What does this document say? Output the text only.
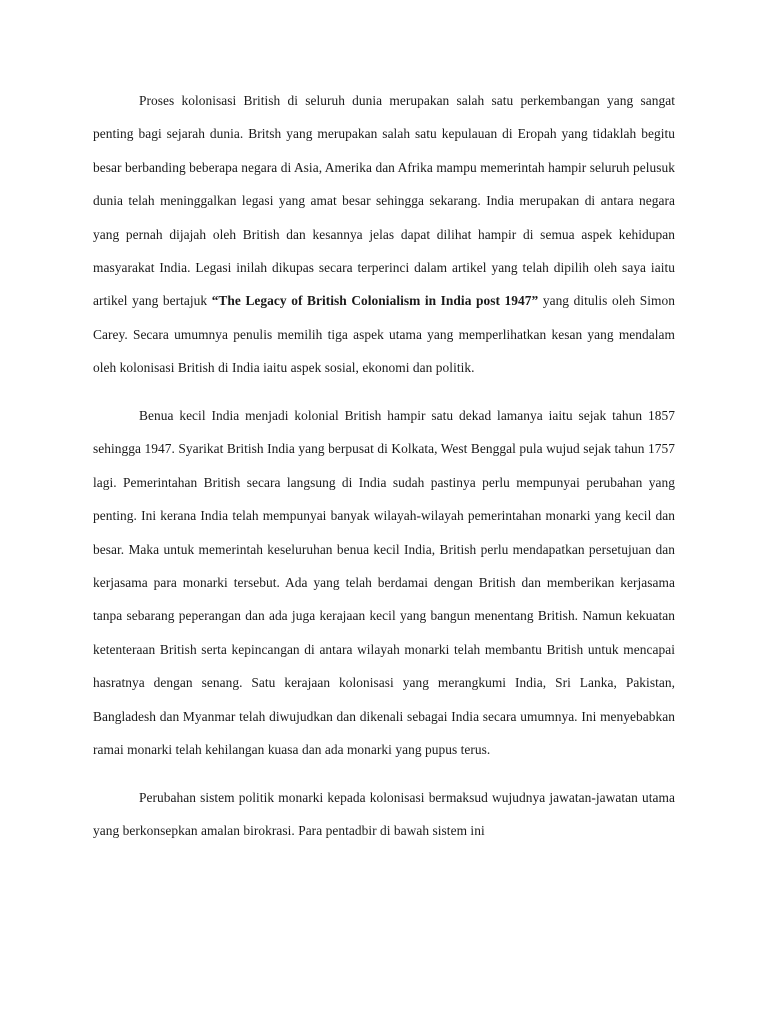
Proses kolonisasi British di seluruh dunia merupakan salah satu perkembangan yang sangat penting bagi sejarah dunia. Britsh yang merupakan salah satu kepulauan di Eropah yang tidaklah begitu besar berbanding beberapa negara di Asia, Amerika dan Afrika mampu memerintah hampir seluruh pelusuk dunia telah meninggalkan legasi yang amat besar sehingga sekarang. India merupakan di antara negara yang pernah dijajah oleh British dan kesannya jelas dapat dilihat hampir di semua aspek kehidupan masyarakat India. Legasi inilah dikupas secara terperinci dalam artikel yang telah dipilih oleh saya iaitu artikel yang bertajuk “The Legacy of British Colonialism in India post 1947” yang ditulis oleh Simon Carey. Secara umumnya penulis memilih tiga aspek utama yang memperlihatkan kesan yang mendalam oleh kolonisasi British di India iaitu aspek sosial, ekonomi dan politik.

Benua kecil India menjadi kolonial British hampir satu dekad lamanya iaitu sejak tahun 1857 sehingga 1947. Syarikat British India yang berpusat di Kolkata, West Benggal pula wujud sejak tahun 1757 lagi. Pemerintahan British secara langsung di India sudah pastinya perlu mempunyai perubahan yang penting. Ini kerana India telah mempunyai banyak wilayah-wilayah pemerintahan monarki yang kecil dan besar. Maka untuk memerintah keseluruhan benua kecil India, British perlu mendapatkan persetujuan dan kerjasama para monarki tersebut. Ada yang telah berdamai dengan British dan memberikan kerjasama tanpa sebarang peperangan dan ada juga kerajaan kecil yang bangun menentang British. Namun kekuatan ketenteraan British serta kepincangan di antara wilayah monarki telah membantu British untuk mencapai hasratnya dengan senang. Satu kerajaan kolonisasi yang merangkumi India, Sri Lanka, Pakistan, Bangladesh dan Myanmar telah diwujudkan dan dikenali sebagai India secara umumnya. Ini menyebabkan ramai monarki telah kehilangan kuasa dan ada monarki yang pupus terus.

Perubahan sistem politik monarki kepada kolonisasi bermaksud wujudnya jawatan-jawatan utama yang berkonsepkan amalan birokrasi. Para pentadbir di bawah sistem ini
